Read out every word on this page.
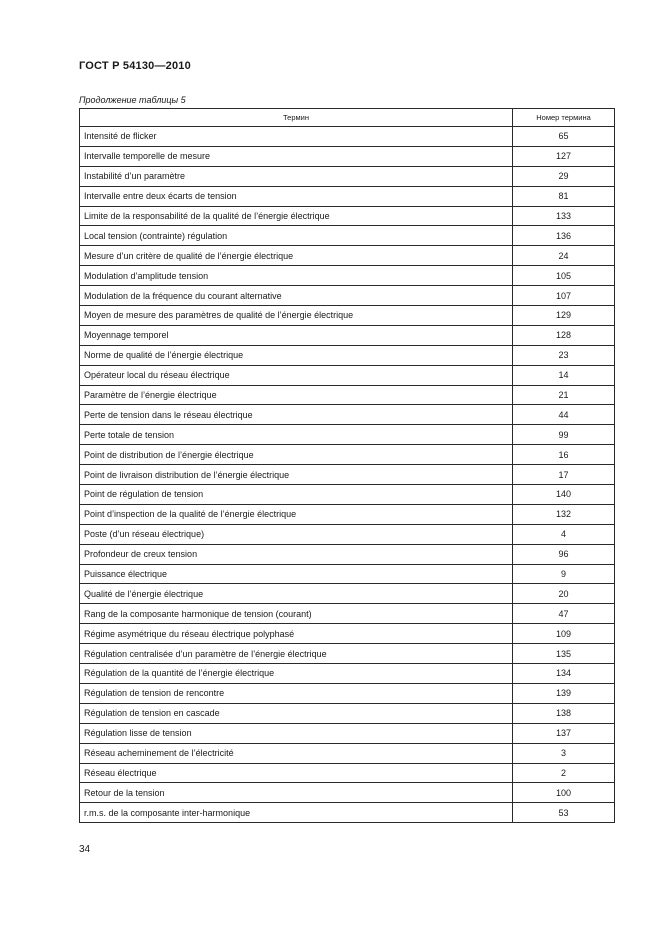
ГОСТ Р 54130—2010
Продолжение таблицы 5
Термин	Номер термина
Intensité de flicker	65
Intervalle temporelle de mesure	127
Instabilité d’un paramètre	29
Intervalle entre deux écarts de tension	81
Limite de la responsabilité de la qualité de l’énergie électrique	133
Local tension (contrainte) régulation	136
Mesure d’un critère de qualité de l’énergie électrique	24
Modulation d’amplitude tension	105
Modulation de la fréquence du courant alternative	107
Moyen de mesure des paramètres de qualité de l’énergie électrique	129
Moyennage temporel	128
Norme de qualité de l’énergie électrique	23
Opérateur local du réseau électrique	14
Paramètre de l’énergie électrique	21
Perte de tension dans le réseau électrique	44
Perte totale de tension	99
Point de distribution de l’énergie électrique	16
Point de livraison distribution de l’énergie électrique	17
Point de régulation de tension	140
Point d’inspection de la qualité de l’énergie électrique	132
Poste (d’un réseau électrique)	4
Profondeur de creux tension	96
Puissance électrique	9
Qualité de l’énergie électrique	20
Rang de la composante harmonique de tension (courant)	47
Régime asymétrique du réseau électrique polyphasé	109
Régulation centralisée d’un paramètre de l’énergie électrique	135
Régulation de la quantité de l’énergie électrique	134
Régulation de tension de rencontre	139
Régulation de tension en cascade	138
Régulation lisse de tension	137
Réseau acheminement de l’électricité	3
Réseau électrique	2
Retour de la tension	100
r.m.s. de la composante inter-harmonique	53
34
